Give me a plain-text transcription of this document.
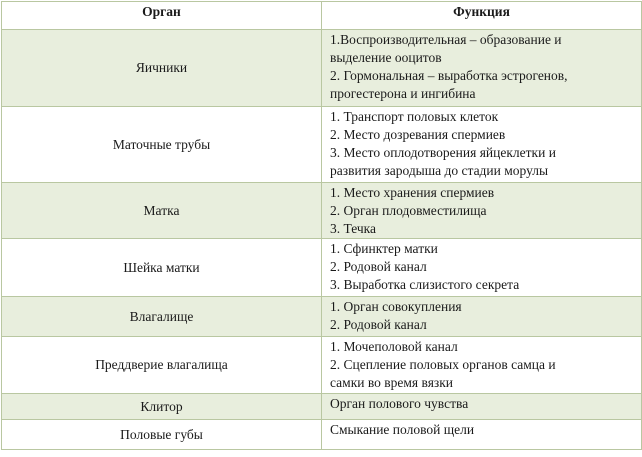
Орган	Функция
Яичники	1.Воспроизводительная – образование и
выделение ооцитов
2. Гормональная – выработка эстрогенов,
прогестерона и ингибина

Маточные трубы	1. Транспорт половых клеток
2. Место дозревания спермиев
3. Место оплодотворения яйцеклетки и
развития зародыша до стадии морулы

Матка	1. Место хранения спермиев
2. Орган плодовместилища
3. Течка

Шейка матки	1. Сфинктер матки
2. Родовой канал
3. Выработка слизистого секрета

Влагалище	1. Орган совокупления
2. Родовой канал

Преддверие влагалища	1. Мочеполовой канал
2. Сцепление половых органов самца и
самки во время вязки

Клитор	Орган полового чувства

Половые губы	Смыкание половой щели
